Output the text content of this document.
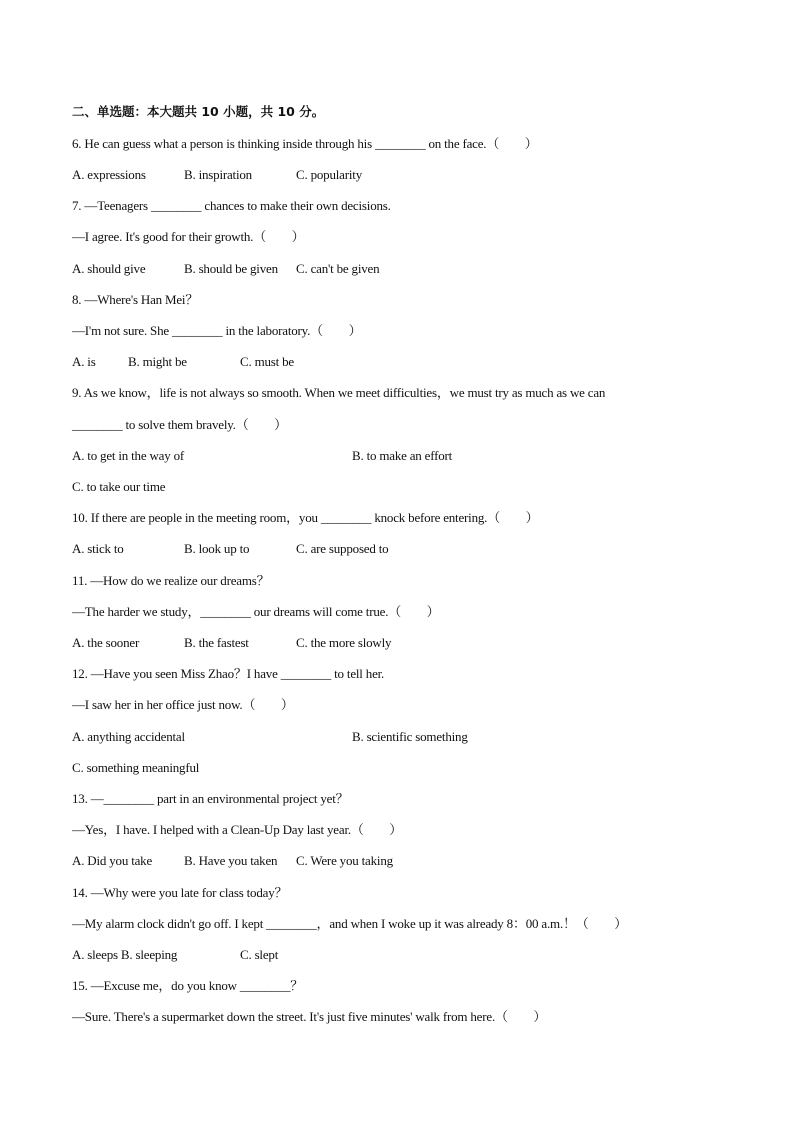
二、单选题：本大题共 10 小题，共 10 分。
6. He can guess what a person is thinking inside through his ________ on the face.（　　）
A. expressions	B. inspiration	C. popularity
7. —Teenagers ________ chances to make their own decisions.
—I agree. It's good for their growth.（　　）
A. should give	B. should be given C. can't be given
8. —Where's Han Mei？
—I'm not sure. She ________ in the laboratory.（　　）
A. is B. might be	C. must be
9. As we know，life is not always so smooth. When we meet difficulties，we must try as much as we can
________ to solve them bravely.（　　）
A. to get in the way of	B. to make an effort
C. to take our time
10. If there are people in the meeting room，you ________ knock before entering.（　　）
A. stick to	B. look up to	C. are supposed to
11. —How do we realize our dreams？
—The harder we study，________ our dreams will come true.（　　）
A. the sooner	B. the fastest	C. the more slowly
12. —Have you seen Miss Zhao？I have ________ to tell her.
—I saw her in her office just now.（　　）
A. anything accidental	B. scientific something
C. something meaningful
13. —________ part in an environmental project yet？
—Yes，I have. I helped with a Clean-Up Day last year.（　　）
A. Did you take B. Have you taken C. Were you taking
14. —Why were you late for class today？
—My alarm clock didn't go off. I kept ________，and when I woke up it was already 8：00 a.m.！（　　）
A. sleeps B. sleeping	C. slept
15. —Excuse me，do you know ________？
—Sure. There's a supermarket down the street. It's just five minutes' walk from here.（　　）
